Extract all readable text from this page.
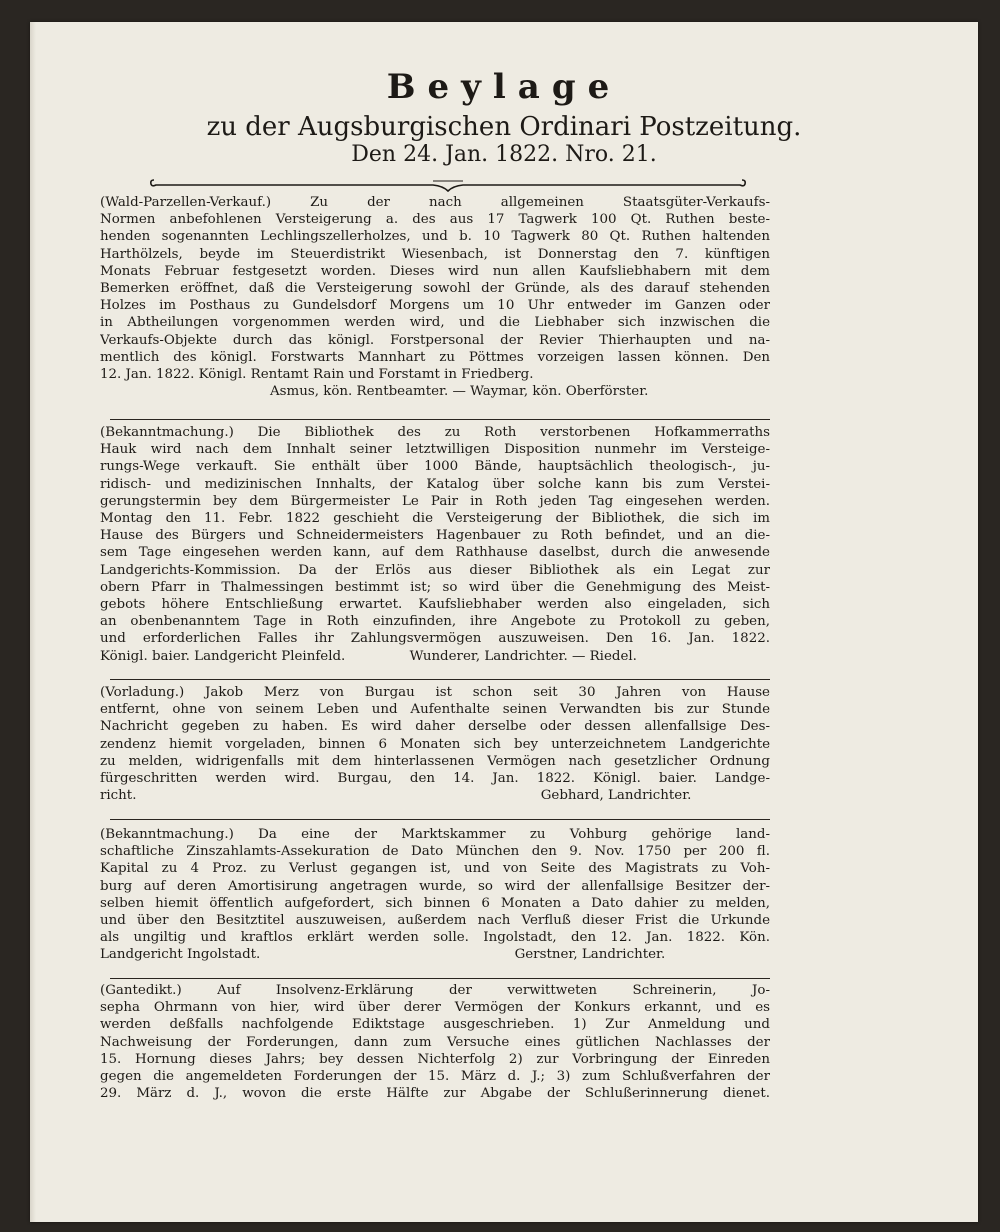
Beylage
zu der Augsburgischen Ordinari Postzeitung.
Den 24. Jan. 1822. Nro. 21.
(Wald-Parzellen-Verkauf.) Zu der nach allgemeinen Staatsgüter-Verkaufs-
Normen anbefohlenen Versteigerung a. des aus 17 Tagwerk 100 Qt. Ruthen beste-
henden sogenannten Lechlingszellerholzes, und b. 10 Tagwerk 80 Qt. Ruthen haltenden
Harthölzels, beyde im Steuerdistrikt Wiesenbach, ist Donnerstag den 7. künftigen
Monats Februar festgesetzt worden. Dieses wird nun allen Kaufsliebhabern mit dem
Bemerken eröffnet, daß die Versteigerung sowohl der Gründe, als des darauf stehenden
Holzes im Posthaus zu Gundelsdorf Morgens um 10 Uhr entweder im Ganzen oder
in Abtheilungen vorgenommen werden wird, und die Liebhaber sich inzwischen die
Verkaufs-Objekte durch das königl. Forstpersonal der Revier Thierhaupten und na-
mentlich des königl. Forstwarts Mannhart zu Pöttmes vorzeigen lassen können. Den
12. Jan. 1822. Königl. Rentamt Rain und Forstamt in Friedberg.
Asmus, kön. Rentbeamter. — Waymar, kön. Oberförster.
(Bekanntmachung.) Die Bibliothek des zu Roth verstorbenen Hofkammerraths
Hauk wird nach dem Innhalt seiner letztwilligen Disposition nunmehr im Versteige-
rungs-Wege verkauft. Sie enthält über 1000 Bände, hauptsächlich theologisch-, ju-
ridisch- und medizinischen Innhalts, der Katalog über solche kann bis zum Verstei-
gerungstermin bey dem Bürgermeister Le Pair in Roth jeden Tag eingesehen werden.
Montag den 11. Febr. 1822 geschieht die Versteigerung der Bibliothek, die sich im
Hause des Bürgers und Schneidermeisters Hagenbauer zu Roth befindet, und an die-
sem Tage eingesehen werden kann, auf dem Rathhause daselbst, durch die anwesende
Landgerichts-Kommission. Da der Erlös aus dieser Bibliothek als ein Legat zur
obern Pfarr in Thalmessingen bestimmt ist; so wird über die Genehmigung des Meist-
gebots höhere Entschließung erwartet. Kaufsliebhaber werden also eingeladen, sich
an obenbenanntem Tage in Roth einzufinden, ihre Angebote zu Protokoll zu geben,
und erforderlichen Falles ihr Zahlungsvermögen auszuweisen. Den 16. Jan. 1822.
Königl. baier. Landgericht Pleinfeld.	Wunderer, Landrichter. — Riedel.
(Vorladung.) Jakob Merz von Burgau ist schon seit 30 Jahren von Hause
entfernt, ohne von seinem Leben und Aufenthalte seinen Verwandten bis zur Stunde
Nachricht gegeben zu haben. Es wird daher derselbe oder dessen allenfallsige Des-
zendenz hiemit vorgeladen, binnen 6 Monaten sich bey unterzeichnetem Landgerichte
zu melden, widrigenfalls mit dem hinterlassenen Vermögen nach gesetzlicher Ordnung
fürgeschritten werden wird. Burgau, den 14. Jan. 1822. Königl. baier. Landge-
richt.	Gebhard, Landrichter.
(Bekanntmachung.) Da eine der Marktskammer zu Vohburg gehörige land-
schaftliche Zinszahlamts-Assekuration de Dato München den 9. Nov. 1750 per 200 fl.
Kapital zu 4 Proz. zu Verlust gegangen ist, und von Seite des Magistrats zu Voh-
burg auf deren Amortisirung angetragen wurde, so wird der allenfallsige Besitzer der-
selben hiemit öffentlich aufgefordert, sich binnen 6 Monaten a Dato dahier zu melden,
und über den Besitztitel auszuweisen, außerdem nach Verfluß dieser Frist die Urkunde
als ungiltig und kraftlos erklärt werden solle. Ingolstadt, den 12. Jan. 1822. Kön.
Landgericht Ingolstadt.	Gerstner, Landrichter.
(Gantedikt.) Auf Insolvenz-Erklärung der verwittweten Schreinerin, Jo-
sepha Ohrmann von hier, wird über derer Vermögen der Konkurs erkannt, und es
werden deßfalls nachfolgende Ediktstage ausgeschrieben. 1) Zur Anmeldung und
Nachweisung der Forderungen, dann zum Versuche eines gütlichen Nachlasses der
15. Hornung dieses Jahrs; bey dessen Nichterfolg 2) zur Vorbringung der Einreden
gegen die angemeldeten Forderungen der 15. März d. J.; 3) zum Schlußverfahren der
29. März d. J., wovon die erste Hälfte zur Abgabe der Schlußerinnerung dienet.
